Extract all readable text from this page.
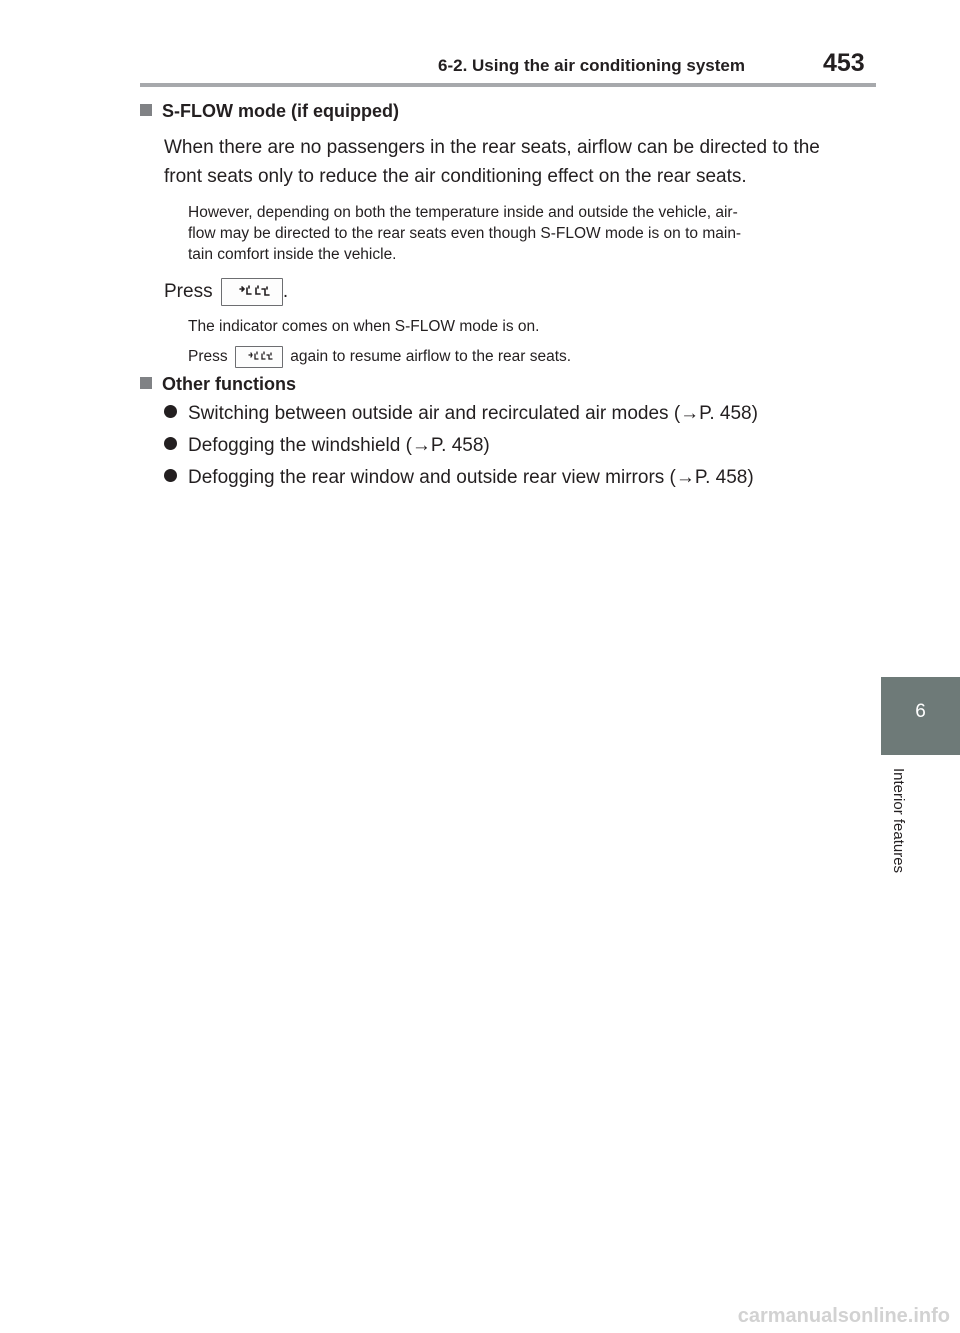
6-2. Using the air conditioning system	453
6
Interior features
S-FLOW mode (if equipped)
When there are no passengers in the rear seats, airflow can be directed to the
front seats only to reduce the air conditioning effect on the rear seats.
However, depending on both the temperature inside and outside the vehicle, air-
flow may be directed to the rear seats even though S-FLOW mode is on to main-
tain comfort inside the vehicle.
Press	.
The indicator comes on when S-FLOW mode is on.
Press	again to resume airflow to the rear seats.
Other functions
Switching between outside air and recirculated air modes (→P. 458)
Defogging the windshield (→P. 458)
Defogging the rear window and outside rear view mirrors (→P. 458)
carmanualsonline.info
